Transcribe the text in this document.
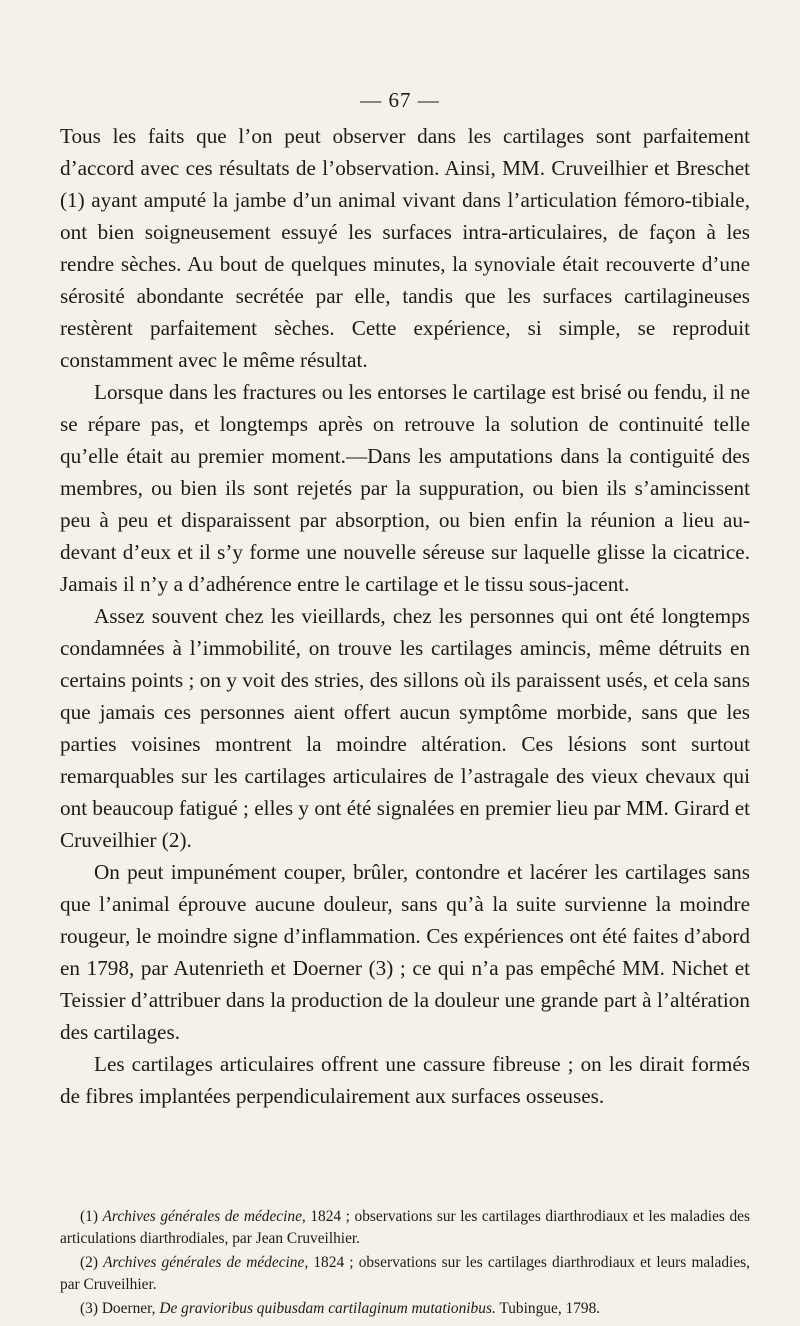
— 67 —

Tous les faits que l’on peut observer dans les cartilages sont parfaitement d’accord avec ces résultats de l’observation. Ainsi, MM. Cruveilhier et Breschet (1) ayant amputé la jambe d’un animal vivant dans l’articulation fémoro-tibiale, ont bien soigneusement essuyé les surfaces intra-articulaires, de façon à les rendre sèches. Au bout de quelques minutes, la synoviale était recouverte d’une sérosité abondante secrétée par elle, tandis que les surfaces cartilagineuses restèrent parfaitement sèches. Cette expérience, si simple, se reproduit constamment avec le même résultat.

Lorsque dans les fractures ou les entorses le cartilage est brisé ou fendu, il ne se répare pas, et longtemps après on retrouve la solution de continuité telle qu’elle était au premier moment.—Dans les amputations dans la contiguité des membres, ou bien ils sont rejetés par la suppuration, ou bien ils s’amincissent peu à peu et disparaissent par absorption, ou bien enfin la réunion a lieu au-devant d’eux et il s’y forme une nouvelle séreuse sur laquelle glisse la cicatrice. Jamais il n’y a d’adhérence entre le cartilage et le tissu sous-jacent.

Assez souvent chez les vieillards, chez les personnes qui ont été longtemps condamnées à l’immobilité, on trouve les cartilages amincis, même détruits en certains points ; on y voit des stries, des sillons où ils paraissent usés, et cela sans que jamais ces personnes aient offert aucun symptôme morbide, sans que les parties voisines montrent la moindre altération. Ces lésions sont surtout remarquables sur les cartilages articulaires de l’astragale des vieux chevaux qui ont beaucoup fatigué ; elles y ont été signalées en premier lieu par MM. Girard et Cruveilhier (2).

On peut impunément couper, brûler, contondre et lacérer les cartilages sans que l’animal éprouve aucune douleur, sans qu’à la suite survienne la moindre rougeur, le moindre signe d’inflammation. Ces expériences ont été faites d’abord en 1798, par Autenrieth et Doerner (3) ; ce qui n’a pas empêché MM. Nichet et Teissier d’attribuer dans la production de la douleur une grande part à l’altération des cartilages.

Les cartilages articulaires offrent une cassure fibreuse ; on les dirait formés de fibres implantées perpendiculairement aux surfaces osseuses.

(1) Archives générales de médecine, 1824 ; observations sur les cartilages diarthrodiaux et les maladies des articulations diarthrodiales, par Jean Cruveilhier.

(2) Archives générales de médecine, 1824 ; observations sur les cartilages diarthrodiaux et leurs maladies, par Cruveilhier.

(3) Doerner, De gravioribus quibusdam cartilaginum mutationibus. Tubingue, 1798.
